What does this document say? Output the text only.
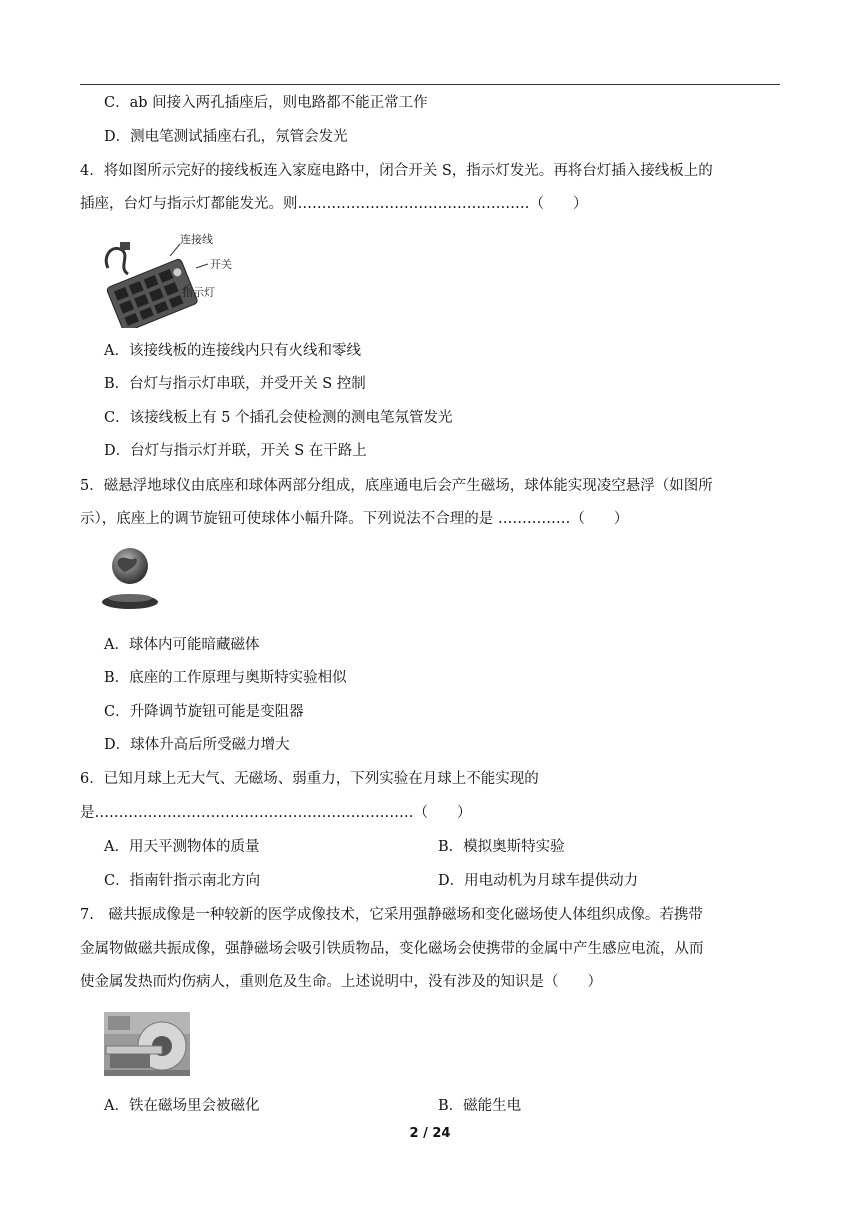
C．ab 间接入两孔插座后，则电路都不能正常工作
D．测电笔测试插座右孔，氖管会发光
4．将如图所示完好的接线板连入家庭电路中，闭合开关 S，指示灯发光。再将台灯插入接线板上的
插座，台灯与指示灯都能发光。则…………………………………………（　　）
连接线
开关
指示灯
A．该接线板的连接线内只有火线和零线
B．台灯与指示灯串联，并受开关 S 控制
C．该接线板上有 5 个插孔会使检测的测电笔氖管发光
D．台灯与指示灯并联，开关 S 在干路上
5．磁悬浮地球仪由底座和球体两部分组成，底座通电后会产生磁场，球体能实现凌空悬浮（如图所
示），底座上的调节旋钮可使球体小幅升降。下列说法不合理的是 ……………（　　）
A．球体内可能暗藏磁体
B．底座的工作原理与奥斯特实验相似
C．升降调节旋钮可能是变阻器
D．球体升高后所受磁力增大
6．已知月球上无大气、无磁场、弱重力，下列实验在月球上不能实现的
是…………………………………………………………（　　）
A．用天平测物体的质量	B．模拟奥斯特实验
C．指南针指示南北方向	D．用电动机为月球车提供动力
7.　磁共振成像是一种较新的医学成像技术，它采用强静磁场和变化磁场使人体组织成像。若携带
金属物做磁共振成像，强静磁场会吸引铁质物品，变化磁场会使携带的金属中产生感应电流，从而
使金属发热而灼伤病人，重则危及生命。上述说明中，没有涉及的知识是（　　）
A．铁在磁场里会被磁化	B．磁能生电
2 / 24
